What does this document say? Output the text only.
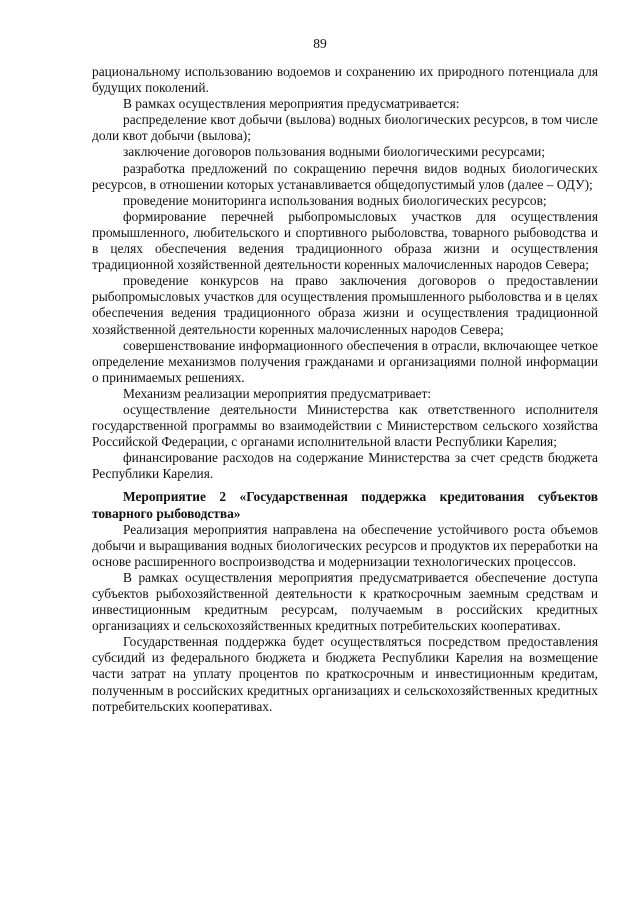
89

рациональному использованию водоемов и сохранению их природного потенциала для будущих поколений.

В рамках осуществления мероприятия предусматривается:

распределение квот добычи (вылова) водных биологических ресурсов, в том числе доли квот добычи (вылова);

заключение договоров пользования водными биологическими ресурсами;

разработка предложений по сокращению перечня видов водных биологических ресурсов, в отношении которых устанавливается общедопустимый улов (далее – ОДУ);

проведение мониторинга использования водных биологических ресурсов;

формирование перечней рыбопромысловых участков для осуществления промышленного, любительского и спортивного рыболовства, товарного рыбоводства и в целях обеспечения ведения традиционного образа жизни и осуществления традиционной хозяйственной деятельности коренных малочисленных народов Севера;

проведение конкурсов на право заключения договоров о предоставлении рыбопромысловых участков для осуществления промышленного рыболовства и в целях обеспечения ведения традиционного образа жизни и осуществления традиционной хозяйственной деятельности коренных малочисленных народов Севера;

совершенствование информационного обеспечения в отрасли, включающее четкое определение механизмов получения гражданами и организациями полной информации о принимаемых решениях.

Механизм реализации мероприятия предусматривает:

осуществление деятельности Министерства как ответственного исполнителя государственной программы во взаимодействии с Министерством сельского хозяйства Российской Федерации, с органами исполнительной власти Республики Карелия;

финансирование расходов на содержание Министерства за счет средств бюджета Республики Карелия.

Мероприятие 2 «Государственная поддержка кредитования субъектов товарного рыбоводства»

Реализация мероприятия направлена на обеспечение устойчивого роста объемов добычи и выращивания водных биологических ресурсов и продуктов их переработки на основе расширенного воспроизводства и модернизации технологических процессов.

В рамках осуществления мероприятия предусматривается обеспечение доступа субъектов рыбохозяйственной деятельности к краткосрочным заемным средствам и инвестиционным кредитным ресурсам, получаемым в российских кредитных организациях и сельскохозяйственных кредитных потребительских кооперативах.

Государственная поддержка будет осуществляться посредством предоставления субсидий из федерального бюджета и бюджета Республики Карелия на возмещение части затрат на уплату процентов по краткосрочным и инвестиционным кредитам, полученным в российских кредитных организациях и сельскохозяйственных кредитных потребительских кооперативах.
